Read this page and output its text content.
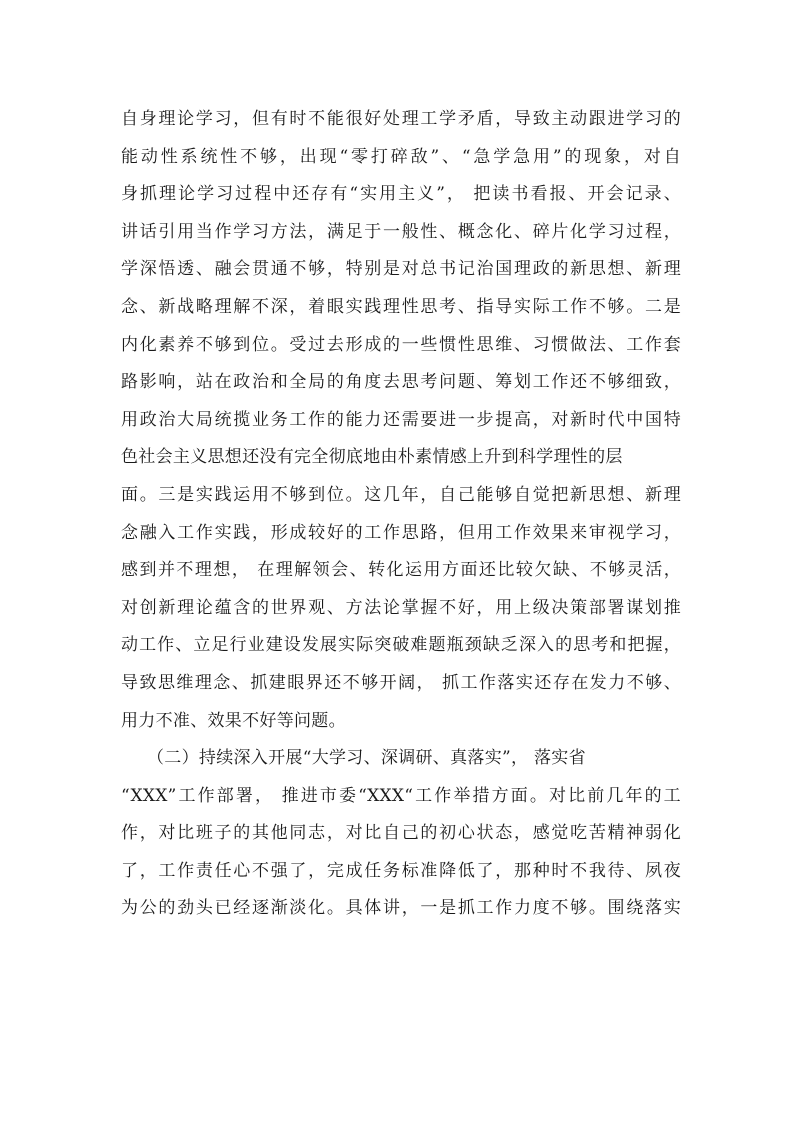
自身理论学习，但有时不能很好处理工学矛盾，导致主动跟进学习的
能动性系统性不够，出现“零打碎敌”、“急学急用”的现象，对自
身抓理论学习过程中还存有“实用主义”， 把读书看报、开会记录、
讲话引用当作学习方法，满足于一般性、概念化、碎片化学习过程，
学深悟透、融会贯通不够，特别是对总书记治国理政的新思想、新理
念、新战略理解不深，着眼实践理性思考、指导实际工作不够。二是
内化素养不够到位。受过去形成的一些惯性思维、习惯做法、工作套
路影响，站在政治和全局的角度去思考问题、筹划工作还不够细致，
用政治大局统揽业务工作的能力还需要进一步提高，对新时代中国特
色社会主义思想还没有完全彻底地由朴素情感上升到科学理性的层
面。三是实践运用不够到位。这几年，自己能够自觉把新思想、新理
念融入工作实践，形成较好的工作思路，但用工作效果来审视学习，
感到并不理想， 在理解领会、转化运用方面还比较欠缺、不够灵活，
对创新理论蕴含的世界观、方法论掌握不好，用上级决策部署谋划推
动工作、立足行业建设发展实际突破难题瓶颈缺乏深入的思考和把握，
导致思维理念、抓建眼界还不够开阔， 抓工作落实还存在发力不够、
用力不准、效果不好等问题。
（二）持续深入开展“大学习、深调研、真落实”， 落实省
“XXX”工作部署， 推进市委“XXX“工作举措方面。对比前几年的工
作，对比班子的其他同志，对比自己的初心状态，感觉吃苦精神弱化
了，工作责任心不强了，完成任务标准降低了，那种时不我待、夙夜
为公的劲头已经逐渐淡化。具体讲，一是抓工作力度不够。围绕落实
